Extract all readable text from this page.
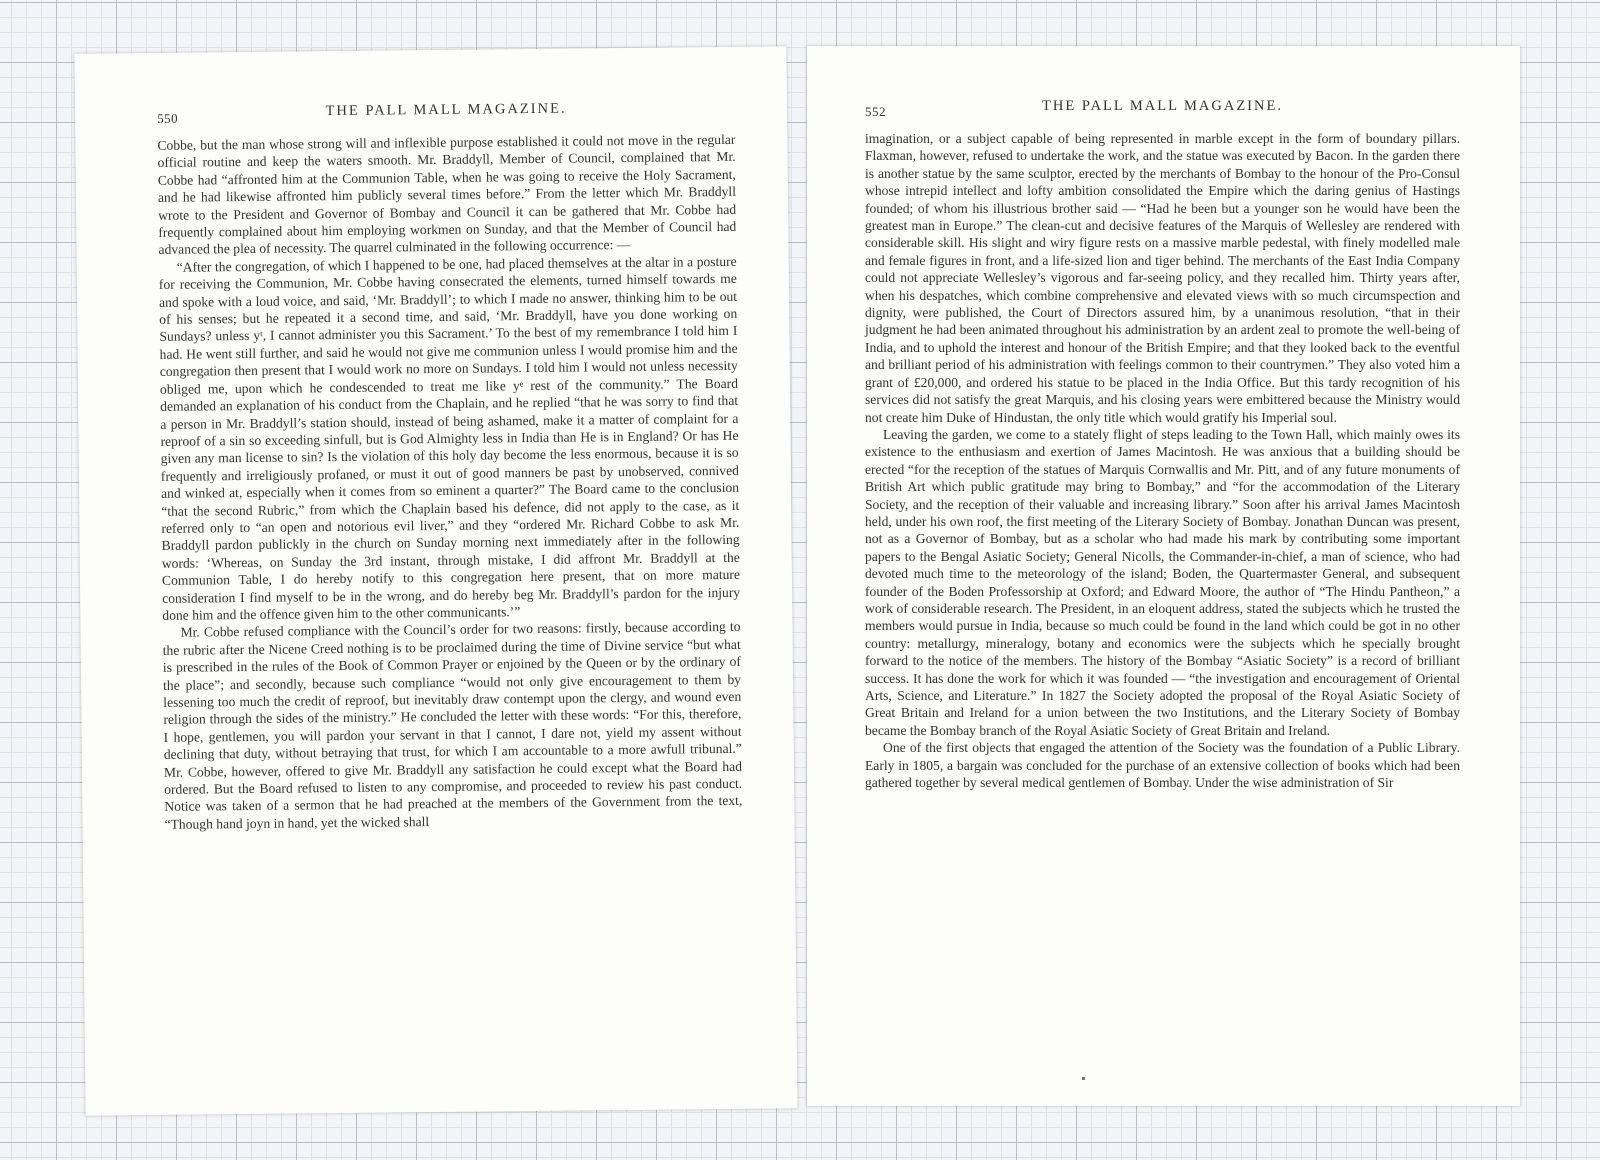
550	THE PALL MALL MAGAZINE.

Cobbe, but the man whose strong will and inflexible purpose established it could not move in the regular official routine and keep the waters smooth. Mr. Braddyll, Member of Council, complained that Mr. Cobbe had “affronted him at the Communion Table, when he was going to receive the Holy Sacrament, and he had likewise affronted him publicly several times before.” From the letter which Mr. Braddyll wrote to the President and Governor of Bombay and Council it can be gathered that Mr. Cobbe had frequently complained about him employing workmen on Sunday, and that the Member of Council had advanced the plea of necessity. The quarrel culminated in the following occurrence: —

“After the congregation, of which I happened to be one, had placed themselves at the altar in a posture for receiving the Communion, Mr. Cobbe having consecrated the elements, turned himself towards me and spoke with a loud voice, and said, ‘Mr. Braddyll’; to which I made no answer, thinking him to be out of his senses; but he repeated it a second time, and said, ‘Mr. Braddyll, have you done working on Sundays? unless yᵗ, I cannot administer you this Sacrament.’ To the best of my remembrance I told him I had. He went still further, and said he would not give me communion unless I would promise him and the congregation then present that I would work no more on Sundays. I told him I would not unless necessity obliged me, upon which he condescended to treat me like yᵉ rest of the community.” The Board demanded an explanation of his conduct from the Chaplain, and he replied “that he was sorry to find that a person in Mr. Braddyll’s station should, instead of being ashamed, make it a matter of complaint for a reproof of a sin so exceeding sinfull, but is God Almighty less in India than He is in England? Or has He given any man license to sin? Is the violation of this holy day become the less enormous, because it is so frequently and irreligiously profaned, or must it out of good manners be past by unobserved, connived and winked at, especially when it comes from so eminent a quarter?” The Board came to the conclusion “that the second Rubric,” from which the Chaplain based his defence, did not apply to the case, as it referred only to “an open and notorious evil liver,” and they “ordered Mr. Richard Cobbe to ask Mr. Braddyll pardon publickly in the church on Sunday morning next immediately after in the following words: ‘Whereas, on Sunday the 3rd instant, through mistake, I did affront Mr. Braddyll at the Communion Table, I do hereby notify to this congregation here present, that on more mature consideration I find myself to be in the wrong, and do hereby beg Mr. Braddyll’s pardon for the injury done him and the offence given him to the other communicants.’”

Mr. Cobbe refused compliance with the Council’s order for two reasons: firstly, because according to the rubric after the Nicene Creed nothing is to be proclaimed during the time of Divine service “but what is prescribed in the rules of the Book of Common Prayer or enjoined by the Queen or by the ordinary of the place”; and secondly, because such compliance “would not only give encouragement to them by lessening too much the credit of reproof, but inevitably draw contempt upon the clergy, and wound even religion through the sides of the ministry.” He concluded the letter with these words: “For this, therefore, I hope, gentlemen, you will pardon your servant in that I cannot, I dare not, yield my assent without declining that duty, without betraying that trust, for which I am accountable to a more awfull tribunal.” Mr. Cobbe, however, offered to give Mr. Braddyll any satisfaction he could except what the Board had ordered. But the Board refused to listen to any compromise, and proceeded to review his past conduct. Notice was taken of a sermon that he had preached at the members of the Government from the text, “Though hand joyn in hand, yet the wicked shall

552	THE PALL MALL MAGAZINE.

imagination, or a subject capable of being represented in marble except in the form of boundary pillars. Flaxman, however, refused to undertake the work, and the statue was executed by Bacon. In the garden there is another statue by the same sculptor, erected by the merchants of Bombay to the honour of the Pro-Consul whose intrepid intellect and lofty ambition consolidated the Empire which the daring genius of Hastings founded; of whom his illustrious brother said — “Had he been but a younger son he would have been the greatest man in Europe.” The clean-cut and decisive features of the Marquis of Wellesley are rendered with considerable skill. His slight and wiry figure rests on a massive marble pedestal, with finely modelled male and female figures in front, and a life-sized lion and tiger behind. The merchants of the East India Company could not appreciate Wellesley’s vigorous and far-seeing policy, and they recalled him. Thirty years after, when his despatches, which combine comprehensive and elevated views with so much circumspection and dignity, were published, the Court of Directors assured him, by a unanimous resolution, “that in their judgment he had been animated throughout his administration by an ardent zeal to promote the well-being of India, and to uphold the interest and honour of the British Empire; and that they looked back to the eventful and brilliant period of his administration with feelings common to their countrymen.” They also voted him a grant of £20,000, and ordered his statue to be placed in the India Office. But this tardy recognition of his services did not satisfy the great Marquis, and his closing years were embittered because the Ministry would not create him Duke of Hindustan, the only title which would gratify his Imperial soul.

Leaving the garden, we come to a stately flight of steps leading to the Town Hall, which mainly owes its existence to the enthusiasm and exertion of James Macintosh. He was anxious that a building should be erected “for the reception of the statues of Marquis Cornwallis and Mr. Pitt, and of any future monuments of British Art which public gratitude may bring to Bombay,” and “for the accommodation of the Literary Society, and the reception of their valuable and increasing library.” Soon after his arrival James Macintosh held, under his own roof, the first meeting of the Literary Society of Bombay. Jonathan Duncan was present, not as a Governor of Bombay, but as a scholar who had made his mark by contributing some important papers to the Bengal Asiatic Society; General Nicolls, the Commander-in-chief, a man of science, who had devoted much time to the meteorology of the island; Boden, the Quartermaster General, and subsequent founder of the Boden Professorship at Oxford; and Edward Moore, the author of “The Hindu Pantheon,” a work of considerable research. The President, in an eloquent address, stated the subjects which he trusted the members would pursue in India, because so much could be found in the land which could be got in no other country: metallurgy, mineralogy, botany and economics were the subjects which he specially brought forward to the notice of the members. The history of the Bombay “Asiatic Society” is a record of brilliant success. It has done the work for which it was founded — “the investigation and encouragement of Oriental Arts, Science, and Literature.” In 1827 the Society adopted the proposal of the Royal Asiatic Society of Great Britain and Ireland for a union between the two Institutions, and the Literary Society of Bombay became the Bombay branch of the Royal Asiatic Society of Great Britain and Ireland.

One of the first objects that engaged the attention of the Society was the foundation of a Public Library. Early in 1805, a bargain was concluded for the purchase of an extensive collection of books which had been gathered together by several medical gentlemen of Bombay. Under the wise administration of Sir
